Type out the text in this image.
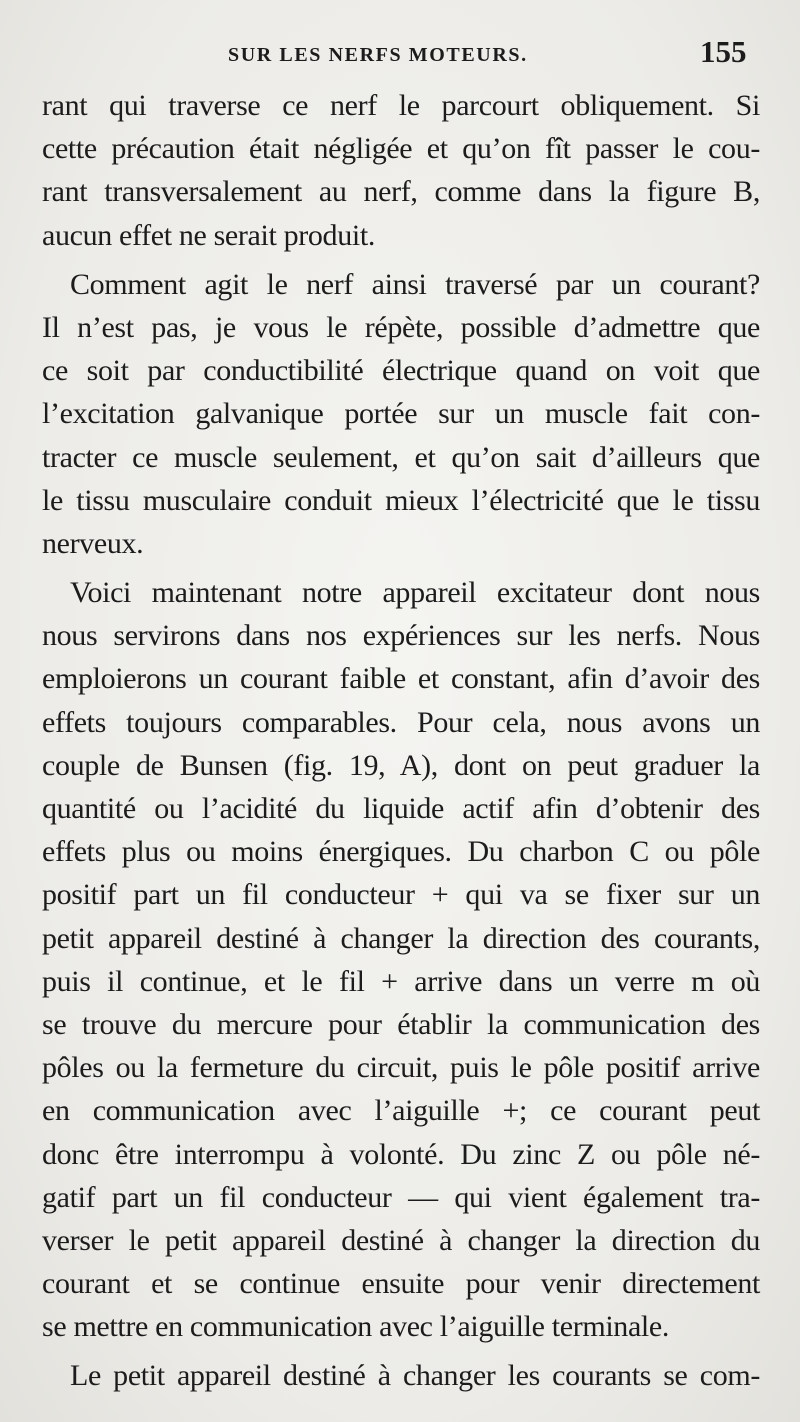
SUR LES NERFS MOTEURS.	155
rant qui traverse ce nerf le parcourt obliquement. Si
cette précaution était négligée et qu’on fît passer le cou-
rant transversalement au nerf, comme dans la figure B,
aucun effet ne serait produit.
Comment agit le nerf ainsi traversé par un courant?
Il n’est pas, je vous le répète, possible d’admettre que
ce soit par conductibilité électrique quand on voit que
l’excitation galvanique portée sur un muscle fait con-
tracter ce muscle seulement, et qu’on sait d’ailleurs que
le tissu musculaire conduit mieux l’électricité que le tissu
nerveux.
Voici maintenant notre appareil excitateur dont nous
nous servirons dans nos expériences sur les nerfs. Nous
emploierons un courant faible et constant, afin d’avoir des
effets toujours comparables. Pour cela, nous avons un
couple de Bunsen (fig. 19, A), dont on peut graduer la
quantité ou l’acidité du liquide actif afin d’obtenir des
effets plus ou moins énergiques. Du charbon C ou pôle
positif part un fil conducteur + qui va se fixer sur un
petit appareil destiné à changer la direction des courants,
puis il continue, et le fil + arrive dans un verre m où
se trouve du mercure pour établir la communication des
pôles ou la fermeture du circuit, puis le pôle positif arrive
en communication avec l’aiguille +; ce courant peut
donc être interrompu à volonté. Du zinc Z ou pôle né-
gatif part un fil conducteur — qui vient également tra-
verser le petit appareil destiné à changer la direction du
courant et se continue ensuite pour venir directement
se mettre en communication avec l’aiguille terminale.
Le petit appareil destiné à changer les courants se com-
